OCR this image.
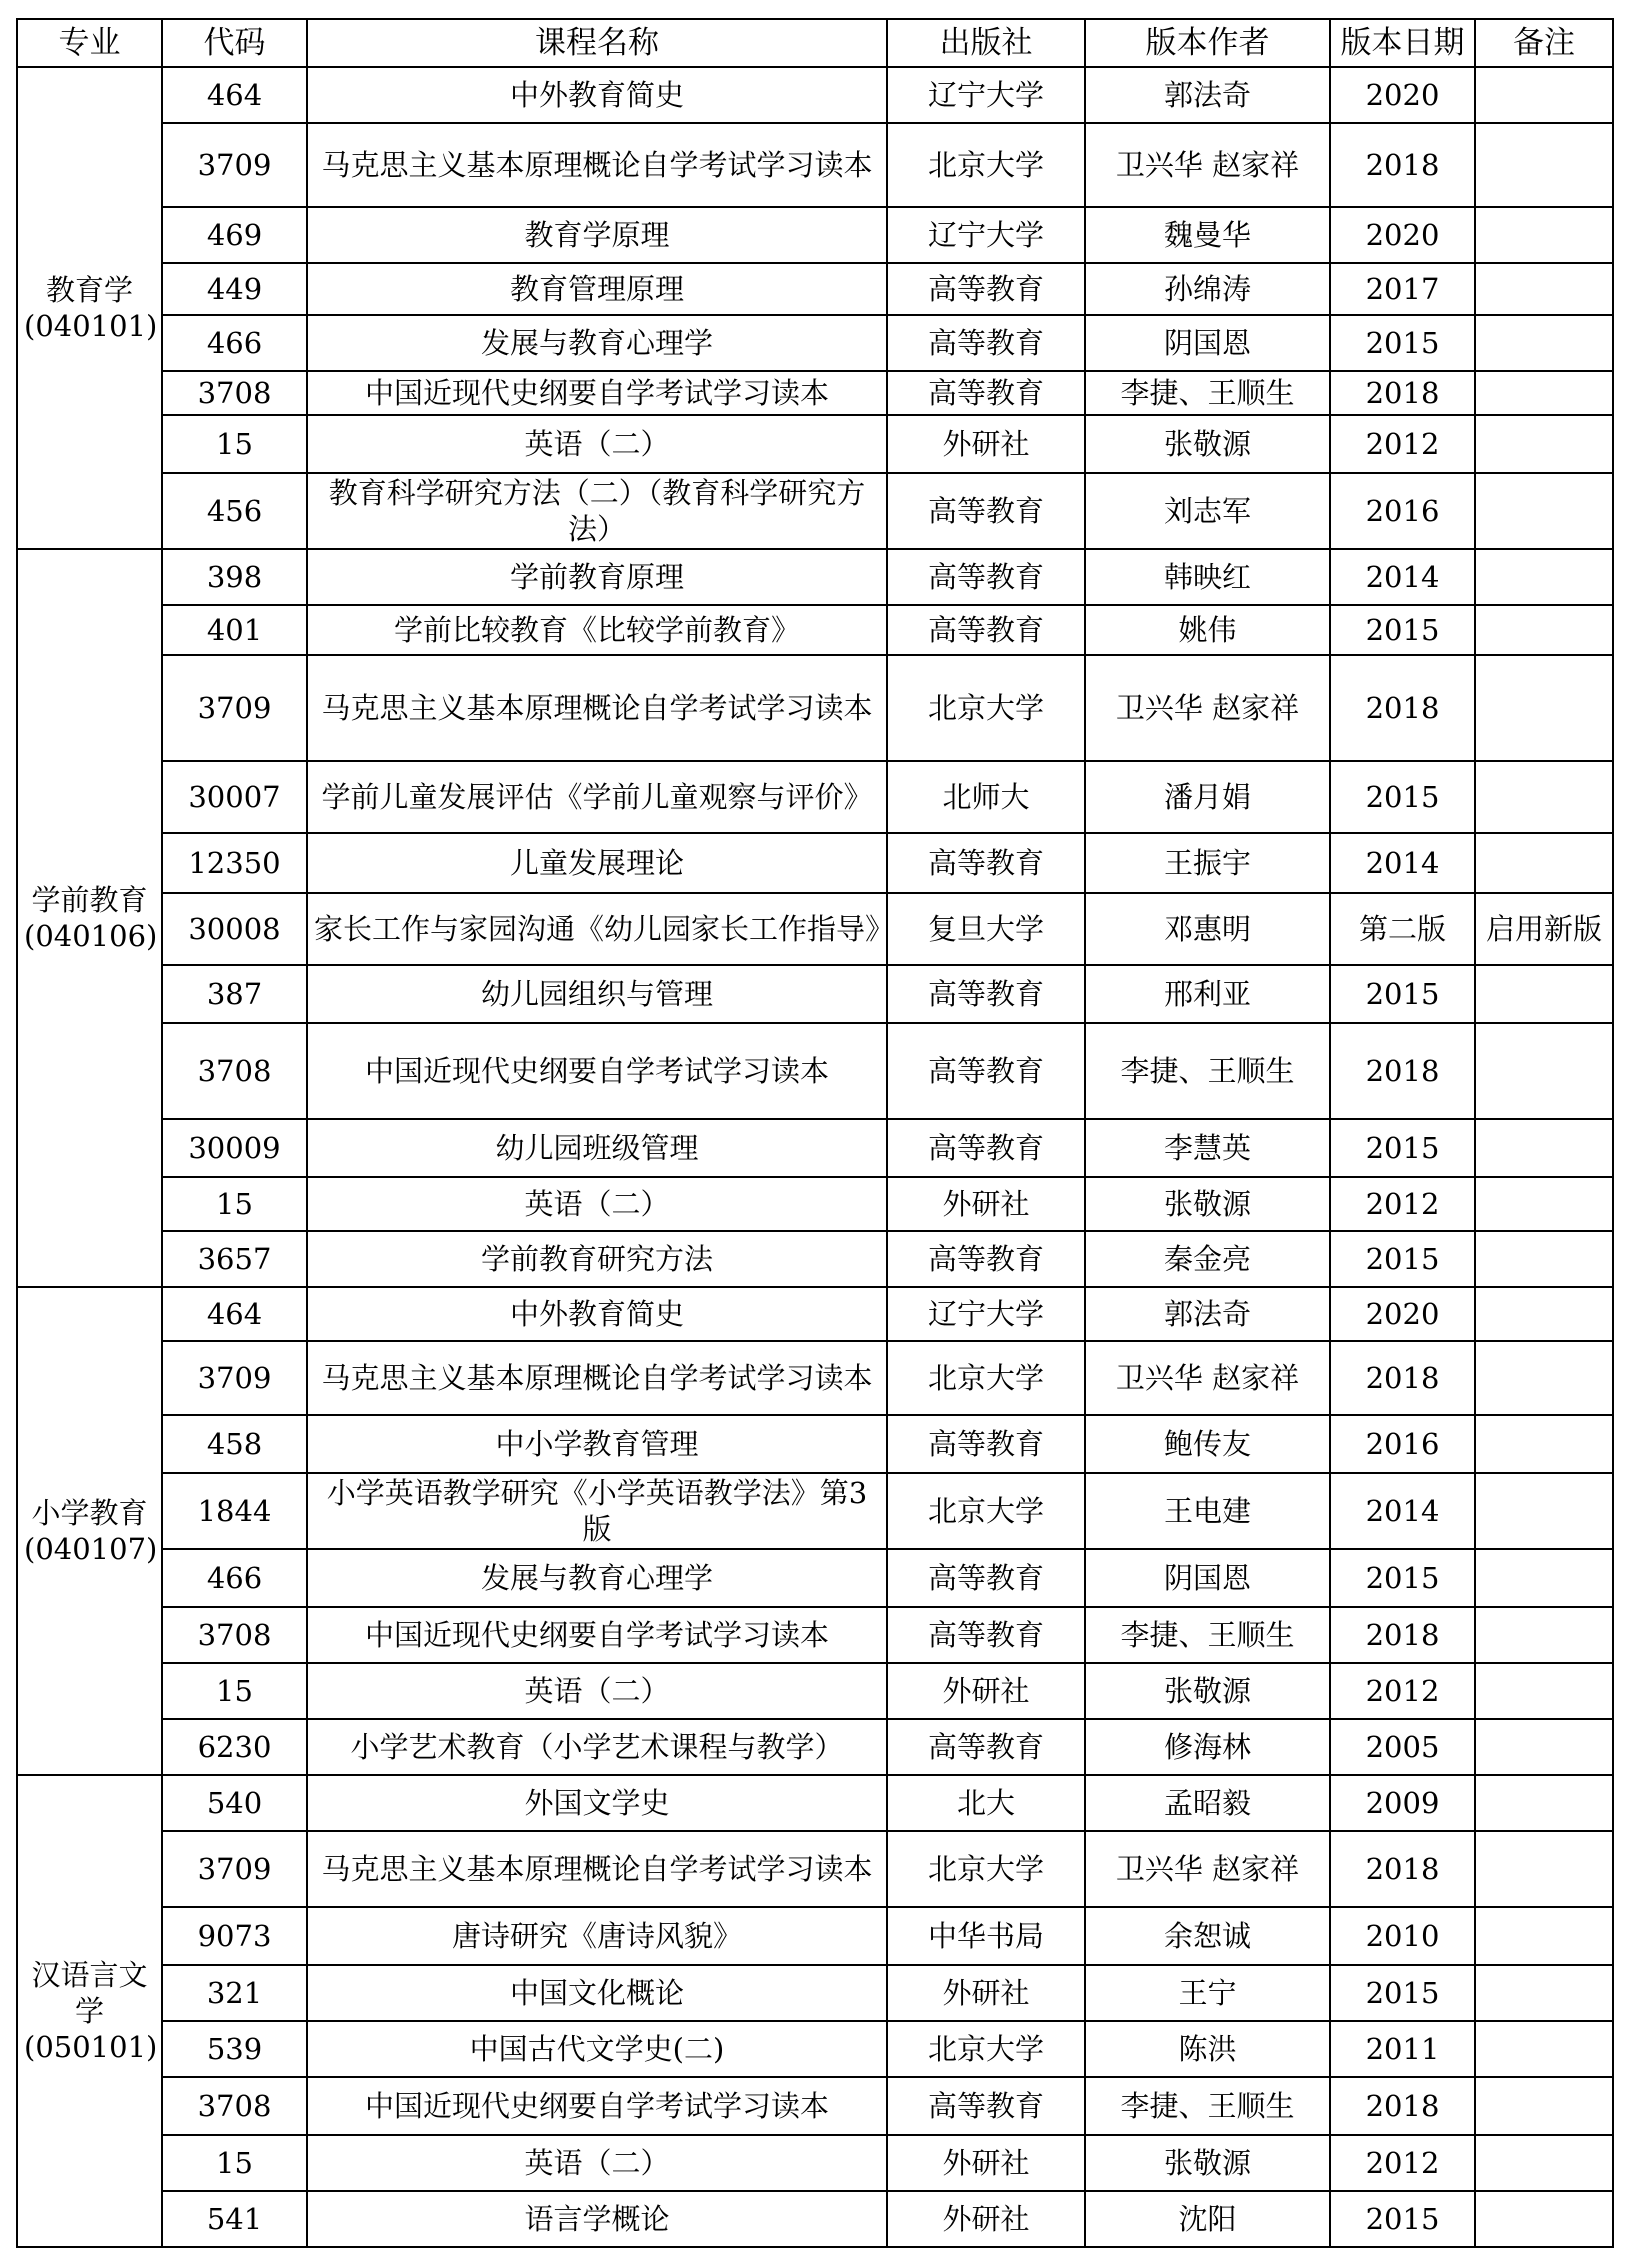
专业	代码	课程名称	出版社	版本作者	版本日期	备注
教育学
(040101)	464	中外教育简史	辽宁大学	郭法奇	2020	
	3709	马克思主义基本原理概论自学考试学习读本	北京大学	卫兴华 赵家祥	2018	
	469	教育学原理	辽宁大学	魏曼华	2020	
	449	教育管理原理	高等教育	孙绵涛	2017	
	466	发展与教育心理学	高等教育	阴国恩	2015	
	3708	中国近现代史纲要自学考试学习读本	高等教育	李捷、王顺生	2018	
	15	英语（二）	外研社	张敬源	2012	
	456	教育科学研究方法（二）（教育科学研究方法）	高等教育	刘志军	2016	
学前教育
(040106)	398	学前教育原理	高等教育	韩映红	2014	
	401	学前比较教育《比较学前教育》	高等教育	姚伟	2015	
	3709	马克思主义基本原理概论自学考试学习读本	北京大学	卫兴华 赵家祥	2018	
	30007	学前儿童发展评估《学前儿童观察与评价》	北师大	潘月娟	2015	
	12350	儿童发展理论	高等教育	王振宇	2014	
	30008	家长工作与家园沟通《幼儿园家长工作指导》	复旦大学	邓惠明	第二版	启用新版
	387	幼儿园组织与管理	高等教育	邢利亚	2015	
	3708	中国近现代史纲要自学考试学习读本	高等教育	李捷、王顺生	2018	
	30009	幼儿园班级管理	高等教育	李慧英	2015	
	15	英语（二）	外研社	张敬源	2012	
	3657	学前教育研究方法	高等教育	秦金亮	2015	
小学教育
(040107)	464	中外教育简史	辽宁大学	郭法奇	2020	
	3709	马克思主义基本原理概论自学考试学习读本	北京大学	卫兴华 赵家祥	2018	
	458	中小学教育管理	高等教育	鲍传友	2016	
	1844	小学英语教学研究《小学英语教学法》第3版	北京大学	王电建	2014	
	466	发展与教育心理学	高等教育	阴国恩	2015	
	3708	中国近现代史纲要自学考试学习读本	高等教育	李捷、王顺生	2018	
	15	英语（二）	外研社	张敬源	2012	
	6230	小学艺术教育（小学艺术课程与教学）	高等教育	修海林	2005	
汉语言文学
(050101)	540	外国文学史	北大	孟昭毅	2009	
	3709	马克思主义基本原理概论自学考试学习读本	北京大学	卫兴华 赵家祥	2018	
	9073	唐诗研究《唐诗风貌》	中华书局	余恕诚	2010	
	321	中国文化概论	外研社	王宁	2015	
	539	中国古代文学史(二)	北京大学	陈洪	2011	
	3708	中国近现代史纲要自学考试学习读本	高等教育	李捷、王顺生	2018	
	15	英语（二）	外研社	张敬源	2012	
	541	语言学概论	外研社	沈阳	2015	
